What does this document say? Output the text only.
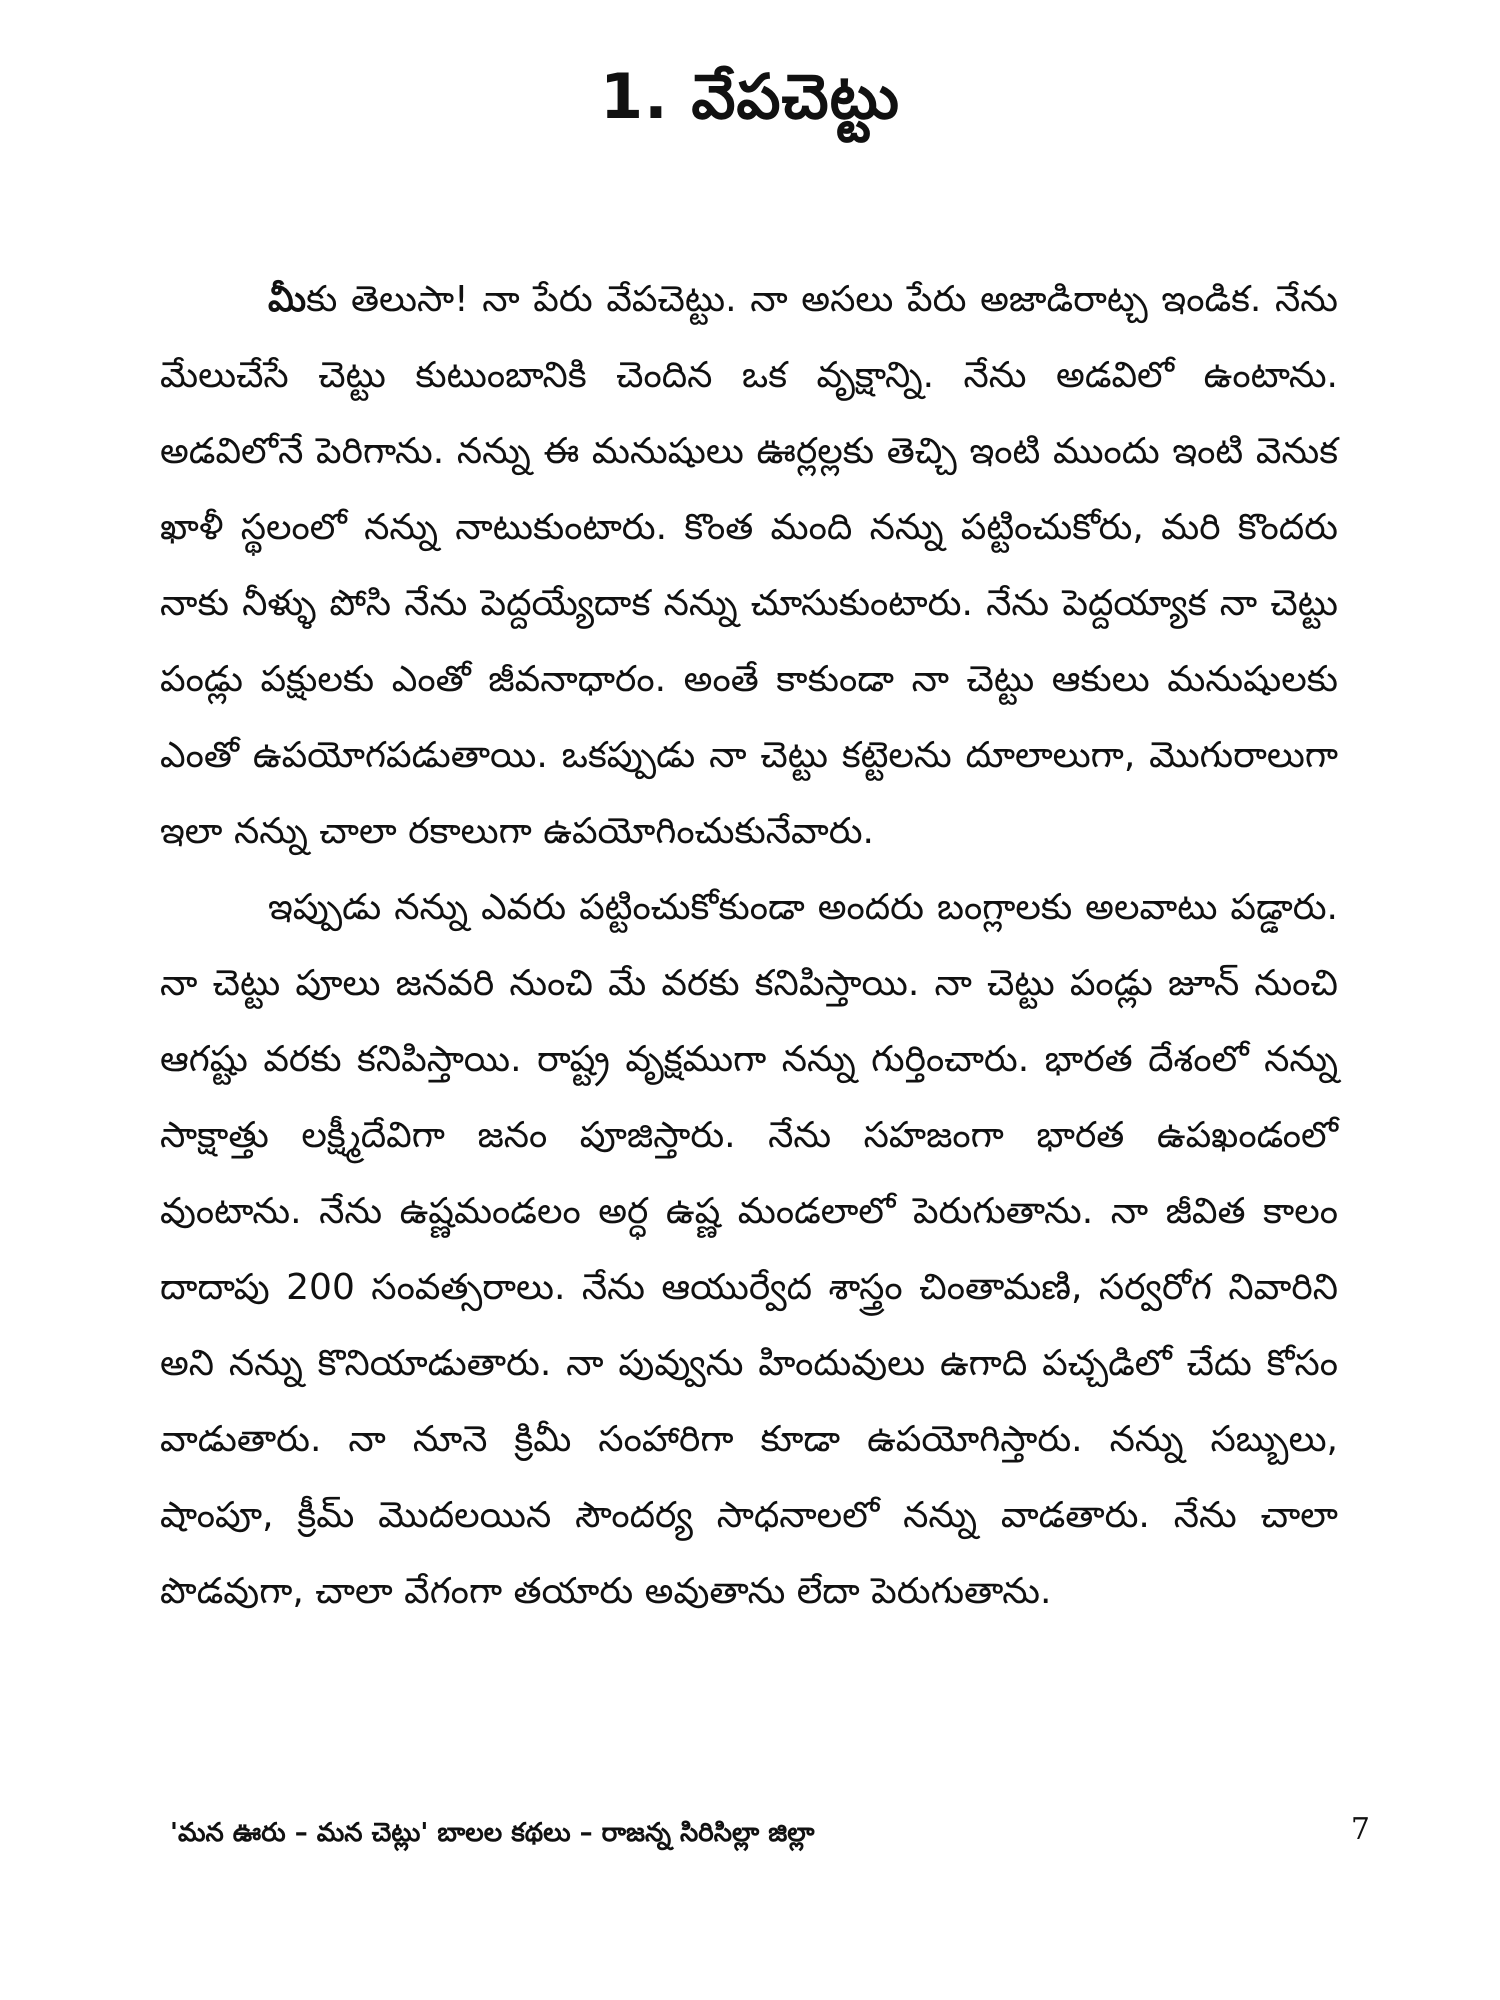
1. వేపచెట్టు

మీకు తెలుసా! నా పేరు వేపచెట్టు. నా అసలు పేరు అజాడిరాట్చ ఇండిక. నేను మేలుచేసే చెట్టు కుటుంబానికి చెందిన ఒక వృక్షాన్ని. నేను అడవిలో ఉంటాను. అడవిలోనే పెరిగాను. నన్ను ఈ మనుషులు ఊర్లల్లకు తెచ్చి ఇంటి ముందు ఇంటి వెనుక ఖాళీ స్థలంలో నన్ను నాటుకుంటారు. కొంత మంది నన్ను పట్టించుకోరు, మరి కొందరు నాకు నీళ్ళు పోసి నేను పెద్దయ్యేదాక నన్ను చూసుకుంటారు. నేను పెద్దయ్యాక నా చెట్టు పండ్లు పక్షులకు ఎంతో జీవనాధారం. అంతే కాకుండా నా చెట్టు ఆకులు మనుషులకు ఎంతో ఉపయోగపడుతాయి. ఒకప్పుడు నా చెట్టు కట్టెలను దూలాలుగా, మొగురాలుగా ఇలా నన్ను చాలా రకాలుగా ఉపయోగించుకునేవారు.

ఇప్పుడు నన్ను ఎవరు పట్టించుకోకుండా అందరు బంగ్లాలకు అలవాటు పడ్డారు. నా చెట్టు పూలు జనవరి నుంచి మే వరకు కనిపిస్తాయి. నా చెట్టు పండ్లు జూన్ నుంచి ఆగష్టు వరకు కనిపిస్తాయి. రాష్ట్ర వృక్షముగా నన్ను గుర్తించారు. భారత దేశంలో నన్ను సాక్షాత్తు లక్ష్మీదేవిగా జనం పూజిస్తారు. నేను సహజంగా భారత ఉపఖండంలో వుంటాను. నేను ఉష్ణమండలం అర్ధ ఉష్ణ మండలాలో పెరుగుతాను. నా జీవిత కాలం దాదాపు 200 సంవత్సరాలు. నేను ఆయుర్వేద శాస్త్రం చింతామణి, సర్వరోగ నివారిని అని నన్ను కొనియాడుతారు. నా పువ్వును హిందువులు ఉగాది పచ్చడిలో చేదు కోసం వాడుతారు. నా నూనె క్రిమీ సంహారిగా కూడా ఉపయోగిస్తారు. నన్ను సబ్బులు, షాంపూ, క్రీమ్ మొదలయిన సౌందర్య సాధనాలలో నన్ను వాడతారు. నేను చాలా పొడవుగా, చాలా వేగంగా తయారు అవుతాను లేదా పెరుగుతాను.

'మన ఊరు – మన చెట్లు' బాలల కథలు – రాజన్న సిరిసిల్లా జిల్లా	7
